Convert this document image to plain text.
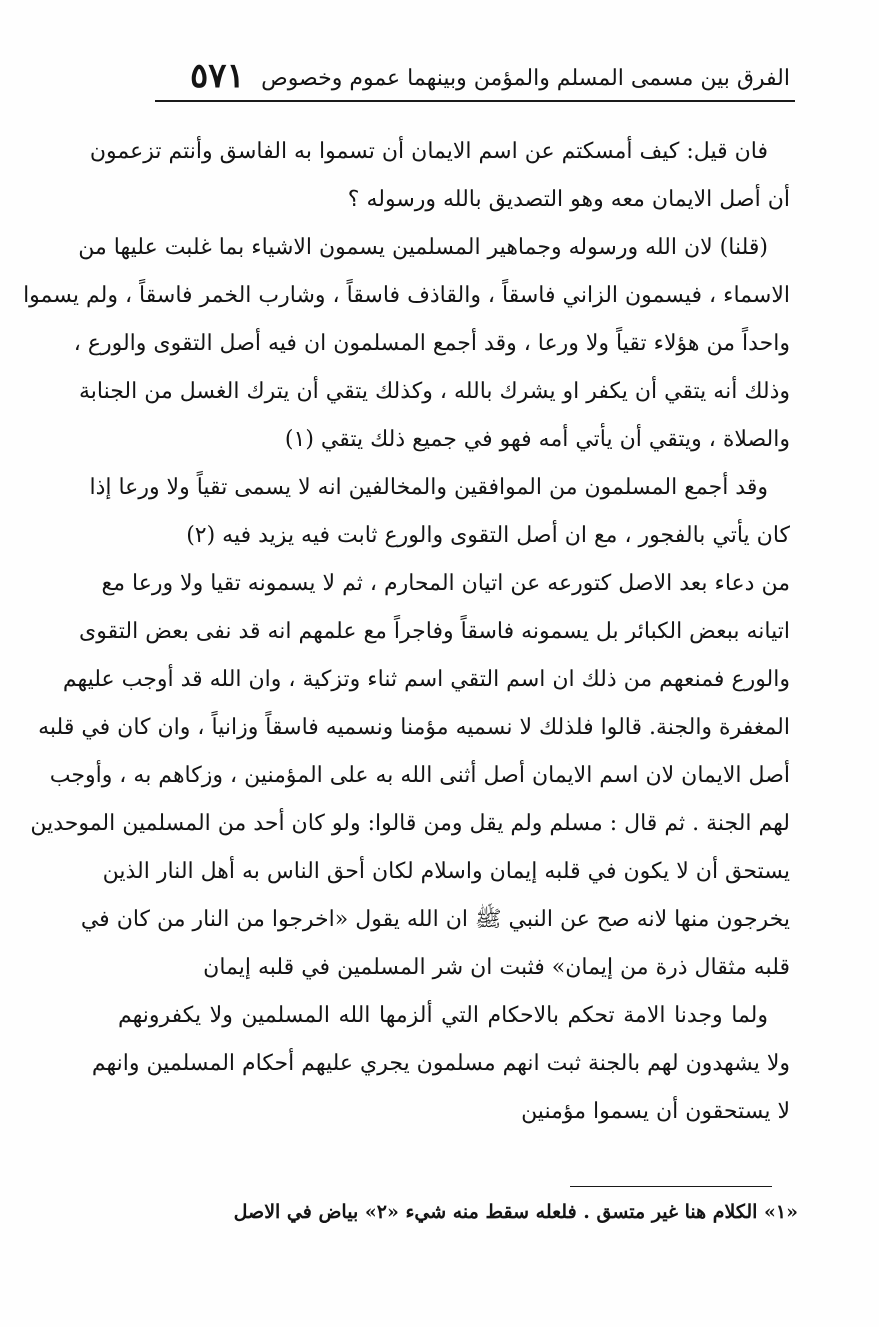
٥٧١ الفرق بين مسمى المسلم والمؤمن وبينهما عموم وخصوص
فان قيل: كيف أمسكتم عن اسم الايمان أن تسموا به الفاسق وأنتم تزعمون
أن أصل الايمان معه وهو التصديق بالله ورسوله ؟
(قلنا) لان الله ورسوله وجماهير المسلمين يسمون الاشياء بما غلبت عليها من
الاسماء ، فيسمون الزاني فاسقاً ، والقاذف فاسقاً ، وشارب الخمر فاسقاً ، ولم يسموا
واحداً من هؤلاء تقياً ولا ورعا ، وقد أجمع المسلمون ان فيه أصل التقوى والورع ،
وذلك أنه يتقي أن يكفر او يشرك بالله ، وكذلك يتقي أن يترك الغسل من الجنابة
والصلاة ، ويتقي أن يأتي أمه فهو في جميع ذلك يتقي (١)
وقد أجمع المسلمون من الموافقين والمخالفين انه لا يسمى تقياً ولا ورعا إذا
كان يأتي بالفجور ، مع ان أصل التقوى والورع ثابت فيه يزيد فيه (٢)
من دعاء بعد الاصل كتورعه عن اتيان المحارم ، ثم لا يسمونه تقيا ولا ورعا مع
اتيانه ببعض الكبائر بل يسمونه فاسقاً وفاجراً مع علمهم انه قد نفى بعض التقوى
والورع فمنعهم من ذلك ان اسم التقي اسم ثناء وتزكية ، وان الله قد أوجب عليهم
المغفرة والجنة. قالوا فلذلك لا نسميه مؤمنا ونسميه فاسقاً وزانياً ، وان كان في قلبه
أصل الايمان لان اسم الايمان أصل أثنى الله به على المؤمنين ، وزكاهم به ، وأوجب
لهم الجنة . ثم قال : مسلم ولم يقل ومن قالوا: ولو كان أحد من المسلمين الموحدين
يستحق أن لا يكون في قلبه إيمان واسلام لكان أحق الناس به أهل النار الذين
يخرجون منها لانه صح عن النبي ﷺ ان الله يقول «اخرجوا من النار من كان في
قلبه مثقال ذرة من إيمان» فثبت ان شر المسلمين في قلبه إيمان
ولما وجدنا الامة تحكم بالاحكام التي ألزمها الله المسلمين ولا يكفرونهم
ولا يشهدون لهم بالجنة ثبت انهم مسلمون يجري عليهم أحكام المسلمين وانهم
لا يستحقون أن يسموا مؤمنين
«١» الكلام هنا غير متسق . فلعله سقط منه شيء «٢» بياض في الاصل
